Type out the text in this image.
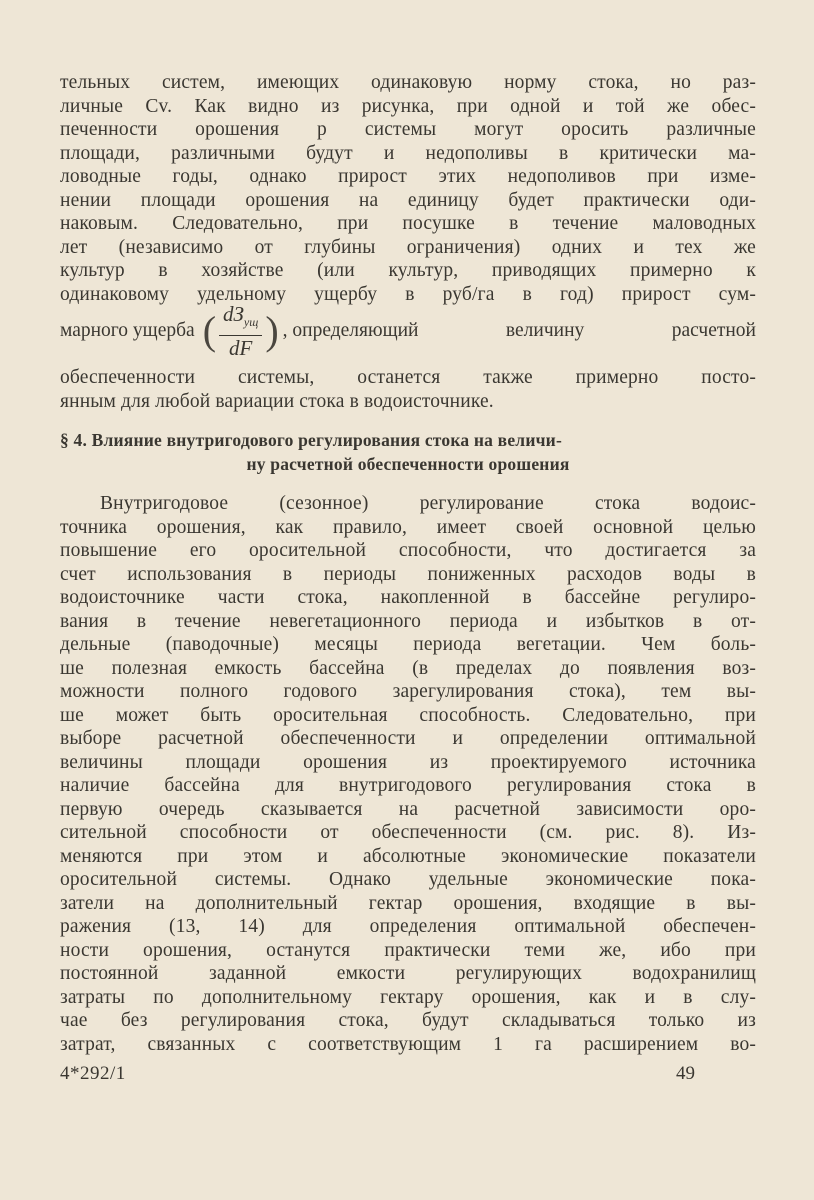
тельных систем, имеющих одинаковую норму стока, но раз-
личные Cv. Как видно из рисунка, при одной и той же обес-
печенности орошения p системы могут оросить различные
площади, различными будут и недополивы в критически ма-
ловодные годы, однако прирост этих недополивов при изме-
нении площади орошения на единицу будет практически оди-
наковым. Следовательно, при посушке в течение маловодных
лет (независимо от глубины ограничения) одних и тех же
культур в хозяйстве (или культур, приводящих примерно к
одинаковому удельному ущербу в руб/га в год) прирост сум-
марного ущерба ( $\frac{dЗ_{ущ}}{dF}$ ) , определяющий	величину	расчетной
обеспеченности системы, останется также примерно посто-
янным для любой вариации стока в водоисточнике.
§ 4. Влияние внутригодового регулирования стока на величи-
ну расчетной обеспеченности орошения
Внутригодовое (сезонное) регулирование стока водоис-
точника орошения, как правило, имеет своей основной целью
повышение его оросительной способности, что достигается за
счет использования в периоды пониженных расходов воды в
водоисточнике части стока, накопленной в бассейне регулиро-
вания в течение невегетационного периода и избытков в от-
дельные (паводочные) месяцы периода вегетации. Чем боль-
ше полезная емкость бассейна (в пределах до появления воз-
можности полного годового зарегулирования стока), тем вы-
ше может быть оросительная способность. Следовательно, при
выборе расчетной обеспеченности и определении оптимальной
величины площади орошения из проектируемого источника
наличие бассейна для внутригодового регулирования стока в
первую очередь сказывается на расчетной зависимости оро-
сительной способности от обеспеченности (см. рис. 8). Из-
меняются при этом и абсолютные экономические показатели
оросительной системы. Однако удельные экономические пока-
затели на дополнительный гектар орошения, входящие в вы-
ражения (13, 14) для определения оптимальной обеспечен-
ности орошения, останутся практически теми же, ибо при
постоянной заданной емкости регулирующих водохранилищ
затраты по дополнительному гектару орошения, как и в слу-
чае без регулирования стока, будут складываться только из
затрат, связанных с соответствующим 1 га расширением во-
4*292/1	49
